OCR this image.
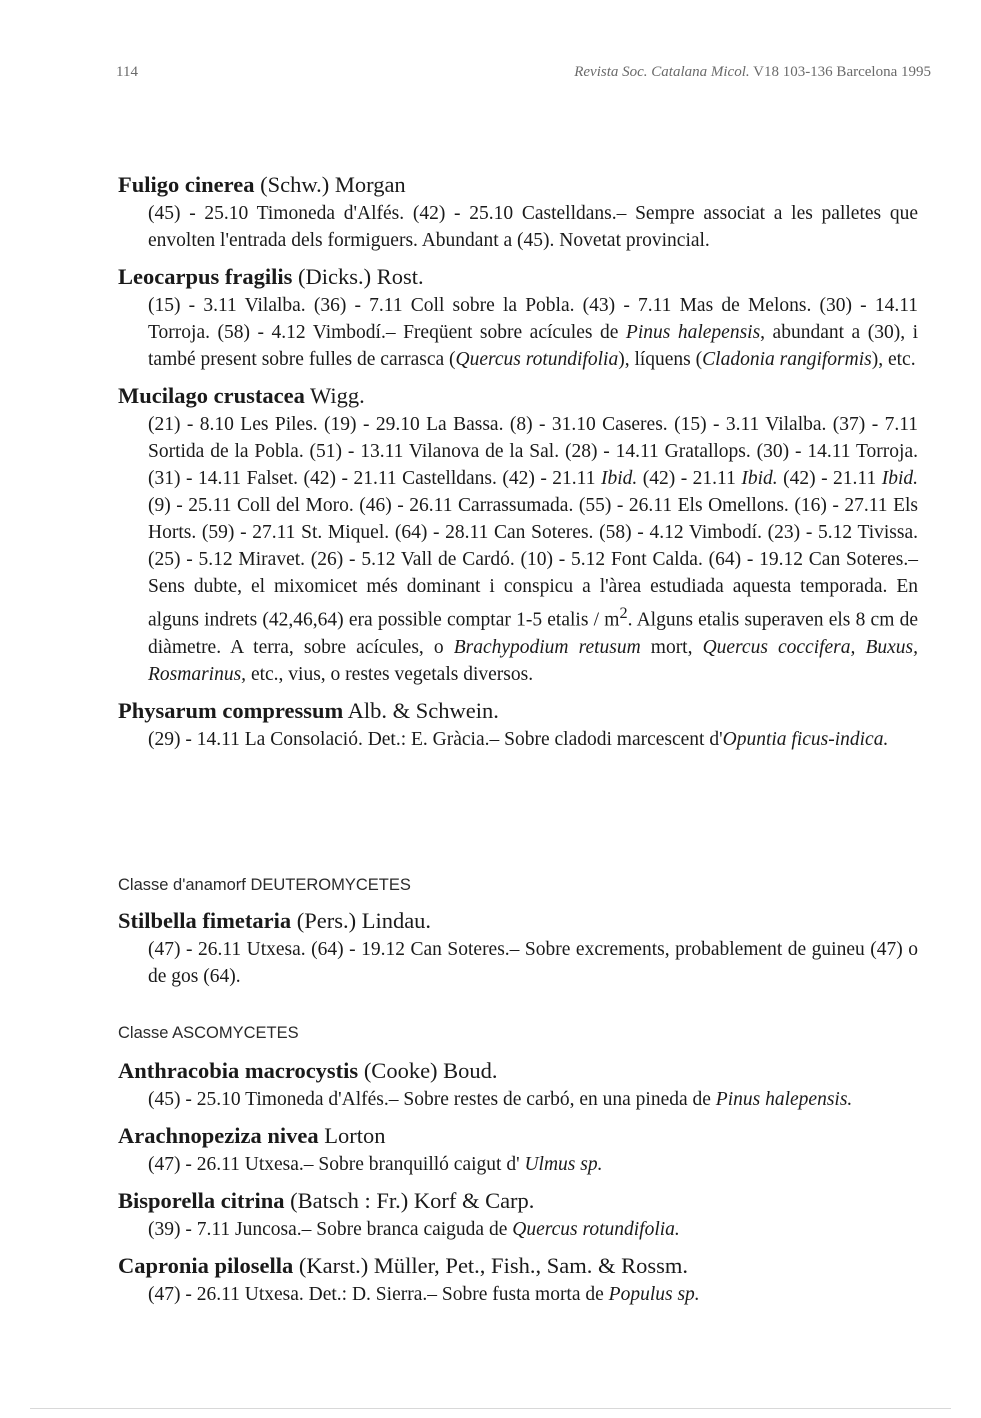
114	Revista Soc. Catalana Micol. V18 103-136 Barcelona 1995

Fuligo cinerea (Schw.) Morgan

(45) - 25.10 Timoneda d'Alfés. (42) - 25.10 Castelldans.– Sempre associat a les palletes que envolten l'entrada dels formiguers. Abundant a (45). Novetat provincial.

Leocarpus fragilis (Dicks.) Rost.

(15) - 3.11 Vilalba. (36) - 7.11 Coll sobre la Pobla. (43) - 7.11 Mas de Melons. (30) - 14.11 Torroja. (58) - 4.12 Vimbodí.– Freqüent sobre acícules de Pinus halepensis, abundant a (30), i també present sobre fulles de carrasca (Quercus rotundifolia), líquens (Cladonia rangiformis), etc.

Mucilago crustacea Wigg.

(21) - 8.10 Les Piles. (19) - 29.10 La Bassa. (8) - 31.10 Caseres. (15) - 3.11 Vilalba. (37) - 7.11 Sortida de la Pobla. (51) - 13.11 Vilanova de la Sal. (28) - 14.11 Gratallops. (30) - 14.11 Torroja. (31) - 14.11 Falset. (42) - 21.11 Castelldans. (42) - 21.11 Ibid. (42) - 21.11 Ibid. (42) - 21.11 Ibid. (9) - 25.11 Coll del Moro. (46) - 26.11 Carrassumada. (55) - 26.11 Els Omellons. (16) - 27.11 Els Horts. (59) - 27.11 St. Miquel. (64) - 28.11 Can Soteres. (58) - 4.12 Vimbodí. (23) - 5.12 Tivissa. (25) - 5.12 Miravet. (26) - 5.12 Vall de Cardó. (10) - 5.12 Font Calda. (64) - 19.12 Can Soteres.– Sens dubte, el mixomicet més dominant i conspicu a l'àrea estudiada aquesta temporada. En alguns indrets (42,46,64) era possible comptar 1-5 etalis / $m^2$. Alguns etalis superaven els 8 cm de diàmetre. A terra, sobre acícules, o Brachypodium retusum mort, Quercus coccifera, Buxus, Rosmarinus, etc., vius, o restes vegetals diversos.

Physarum compressum Alb. & Schwein.

(29) - 14.11 La Consolació. Det.: E. Gràcia.– Sobre cladodi marcescent d'Opuntia ficus-indica.

Classe d'anamorf DEUTEROMYCETES

Stilbella fimetaria (Pers.) Lindau.

(47) - 26.11 Utxesa. (64) - 19.12 Can Soteres.– Sobre excrements, probablement de guineu (47) o de gos (64).

Classe ASCOMYCETES

Anthracobia macrocystis (Cooke) Boud.

(45) - 25.10 Timoneda d'Alfés.– Sobre restes de carbó, en una pineda de Pinus halepensis.

Arachnopeziza nivea Lorton

(47) - 26.11 Utxesa.– Sobre branquilló caigut d' Ulmus sp.

Bisporella citrina (Batsch : Fr.) Korf & Carp.

(39) - 7.11 Juncosa.– Sobre branca caiguda de Quercus rotundifolia.

Capronia pilosella (Karst.) Müller, Pet., Fish., Sam. & Rossm.

(47) - 26.11 Utxesa. Det.: D. Sierra.– Sobre fusta morta de Populus sp.
